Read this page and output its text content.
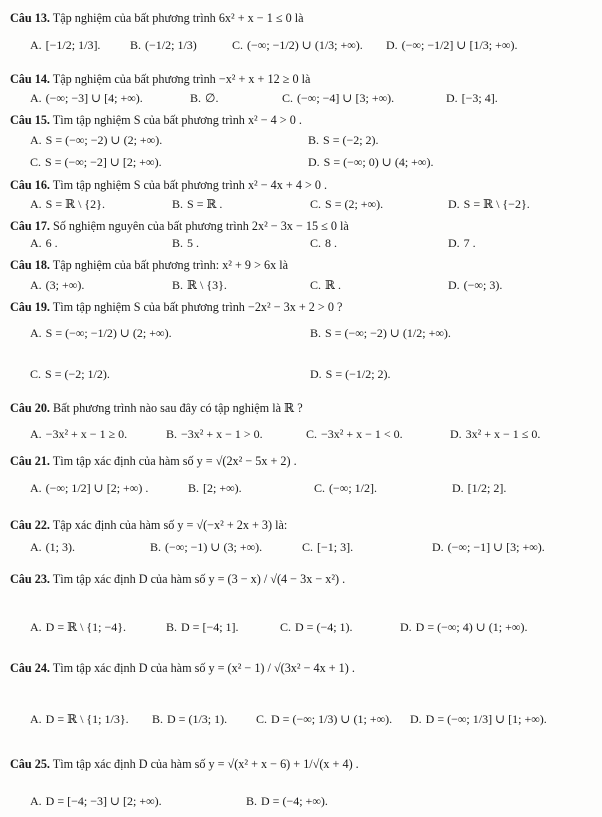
Câu 13. Tập nghiệm của bất phương trình 6x² + x − 1 ≤ 0 là
A. [−1/2; 1/3]. B. (−1/2; 1/3)	C. (−∞; −1/2) ∪ (1/3; +∞). D. (−∞; −1/2] ∪ [1/3; +∞).
Câu 14. Tập nghiệm của bất phương trình −x² + x + 12 ≥ 0 là
A. (−∞; −3] ∪ [4; +∞).	B. ∅.	C. (−∞; −4] ∪ [3; +∞).	D. [−3; 4].
Câu 15. Tìm tập nghiệm S của bất phương trình x² − 4 > 0 .
A. S = (−∞; −2) ∪ (2; +∞).	B. S = (−2; 2).
C. S = (−∞; −2] ∪ [2; +∞).	D. S = (−∞; 0) ∪ (4; +∞).
Câu 16. Tìm tập nghiệm S của bất phương trình x² − 4x + 4 > 0 .
A. S = ℝ \ {2}.	B. S = ℝ .	C. S = (2; +∞).	D. S = ℝ \ {−2}.
Câu 17. Số nghiệm nguyên của bất phương trình 2x² − 3x − 15 ≤ 0 là
A. 6 .	B. 5 .	C. 8 .	D. 7 .
Câu 18. Tập nghiệm của bất phương trình: x² + 9 > 6x là
A. (3; +∞).	B. ℝ \ {3}.	C. ℝ .	D. (−∞; 3).
Câu 19. Tìm tập nghiệm S của bất phương trình −2x² − 3x + 2 > 0 ?
A. S = (−∞; −1/2) ∪ (2; +∞).	B. S = (−∞; −2) ∪ (1/2; +∞).
C. S = (−2; 1/2).	D. S = (−1/2; 2).
Câu 20. Bất phương trình nào sau đây có tập nghiệm là ℝ ?
A. −3x² + x − 1 ≥ 0.	B. −3x² + x − 1 > 0.	C. −3x² + x − 1 < 0.	D. 3x² + x − 1 ≤ 0.
Câu 21. Tìm tập xác định của hàm số y = √(2x² − 5x + 2) .
A. (−∞; 1/2] ∪ [2; +∞) .	B. [2; +∞).	C. (−∞; 1/2].	D. [1/2; 2].
Câu 22. Tập xác định của hàm số y = √(−x² + 2x + 3) là:
A. (1; 3).	B. (−∞; −1) ∪ (3; +∞).	C. [−1; 3].	D. (−∞; −1] ∪ [3; +∞).
Câu 23. Tìm tập xác định D của hàm số y = (3 − x) / √(4 − 3x − x²) .
A. D = ℝ \ {1; −4}.	B. D = [−4; 1].	C. D = (−4; 1).	D. D = (−∞; 4) ∪ (1; +∞).
Câu 24. Tìm tập xác định D của hàm số y = (x² − 1) / √(3x² − 4x + 1) .
A. D = ℝ \ {1; 1/3}. B. D = (1/3; 1). C. D = (−∞; 1/3) ∪ (1; +∞). D. D = (−∞; 1/3] ∪ [1; +∞).
Câu 25. Tìm tập xác định D của hàm số y = √(x² + x − 6) + 1/√(x + 4) .
A. D = [−4; −3] ∪ [2; +∞).	B. D = (−4; +∞).
